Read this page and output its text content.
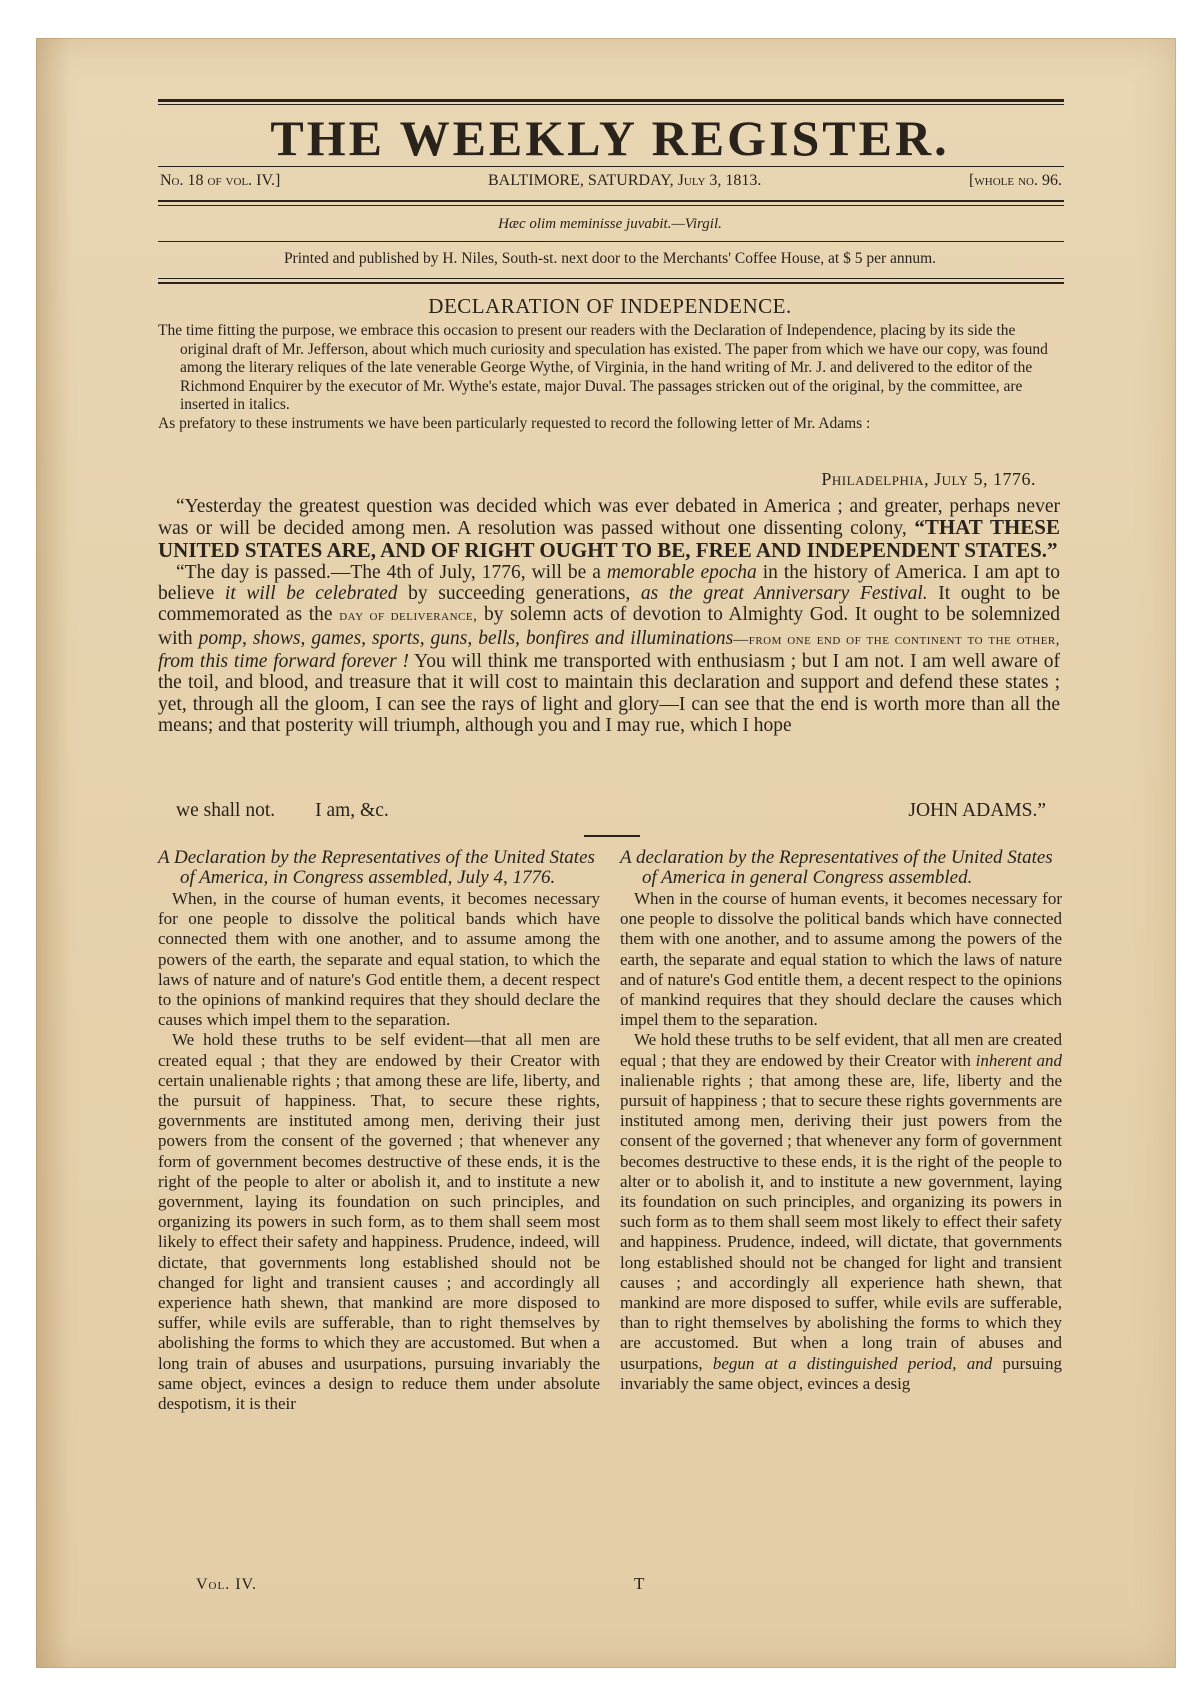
THE WEEKLY REGISTER.
No. 18 of vol. IV.]	BALTIMORE, SATURDAY, July 3, 1813.	[whole no. 96.
Hæc olim meminisse juvabit.—Virgil.
Printed and published by H. Niles, South-st. next door to the Merchants' Coffee House, at $ 5 per annum.
DECLARATION OF INDEPENDENCE.

The time fitting the purpose, we embrace this occasion to present our readers with the Declaration of Independence, placing by its side the original draft of Mr. Jefferson, about which much curiosity and speculation has existed. The paper from which we have our copy, was found among the literary reliques of the late venerable George Wythe, of Virginia, in the hand writing of Mr. J. and delivered to the editor of the Richmond Enquirer by the executor of Mr. Wythe's estate, major Duval. The passages stricken out of the original, by the committee, are inserted in italics.

As prefatory to these instruments we have been particularly requested to record the following letter of Mr. Adams :

Philadelphia, July 5, 1776.

“Yesterday the greatest question was decided which was ever debated in America ; and greater, perhaps never was or will be decided among men. A resolution was passed without one dissenting colony, “THAT THESE UNITED STATES ARE, AND OF RIGHT OUGHT TO BE, FREE AND INDEPENDENT STATES.”

“The day is passed.—The 4th of July, 1776, will be a memorable epocha in the history of America. I am apt to believe it will be celebrated by succeeding generations, as the great Anniversary Festival. It ought to be commemorated as the day of deliverance, by solemn acts of devotion to Almighty God. It ought to be solemnized with pomp, shows, games, sports, guns, bells, bonfires and illuminations—from one end of the continent to the other, from this time forward forever ! You will think me transported with enthusiasm ; but I am not. I am well aware of the toil, and blood, and treasure that it will cost to maintain this declaration and support and defend these states ; yet, through all the gloom, I can see the rays of light and glory—I can see that the end is worth more than all the means; and that posterity will triumph, although you and I may rue, which I hope

we shall not. I am, &c.	JOHN ADAMS.”
A Declaration by the Representatives of the United States of America, in Congress assembled, July 4, 1776.

When, in the course of human events, it becomes necessary for one people to dissolve the political bands which have connected them with one another, and to assume among the powers of the earth, the separate and equal station, to which the laws of nature and of nature's God entitle them, a decent respect to the opinions of mankind requires that they should declare the causes which impel them to the separation.

We hold these truths to be self evident—that all men are created equal ; that they are endowed by their Creator with certain unalienable rights ; that among these are life, liberty, and the pursuit of happiness. That, to secure these rights, governments are instituted among men, deriving their just powers from the consent of the governed ; that whenever any form of government becomes destructive of these ends, it is the right of the people to alter or abolish it, and to institute a new government, laying its foundation on such principles, and organizing its powers in such form, as to them shall seem most likely to effect their safety and happiness. Prudence, indeed, will dictate, that governments long established should not be changed for light and transient causes ; and accordingly all experience hath shewn, that mankind are more disposed to suffer, while evils are sufferable, than to right themselves by abolishing the forms to which they are accustomed. But when a long train of abuses and usurpations, pursuing invariably the same object, evinces a design to reduce them under absolute despotism, it is their

A declaration by the Representatives of the United States of America in general Congress assembled.

When in the course of human events, it becomes necessary for one people to dissolve the political bands which have connected them with one another, and to assume among the powers of the earth, the separate and equal station to which the laws of nature and of nature's God entitle them, a decent respect to the opinions of mankind requires that they should declare the causes which impel them to the separation.

We hold these truths to be self evident, that all men are created equal ; that they are endowed by their Creator with inherent and inalienable rights ; that among these are, life, liberty and the pursuit of happiness ; that to secure these rights governments are instituted among men, deriving their just powers from the consent of the governed ; that whenever any form of government becomes destructive to these ends, it is the right of the people to alter or to abolish it, and to institute a new government, laying its foundation on such principles, and organizing its powers in such form as to them shall seem most likely to effect their safety and happiness. Prudence, indeed, will dictate, that governments long established should not be changed for light and transient causes ; and accordingly all experience hath shewn, that mankind are more disposed to suffer, while evils are sufferable, than to right themselves by abolishing the forms to which they are accustomed. But when a long train of abuses and usurpations, begun at a distinguished period, and pursuing invariably the same object, evinces a desig

Vol. IV.	T
